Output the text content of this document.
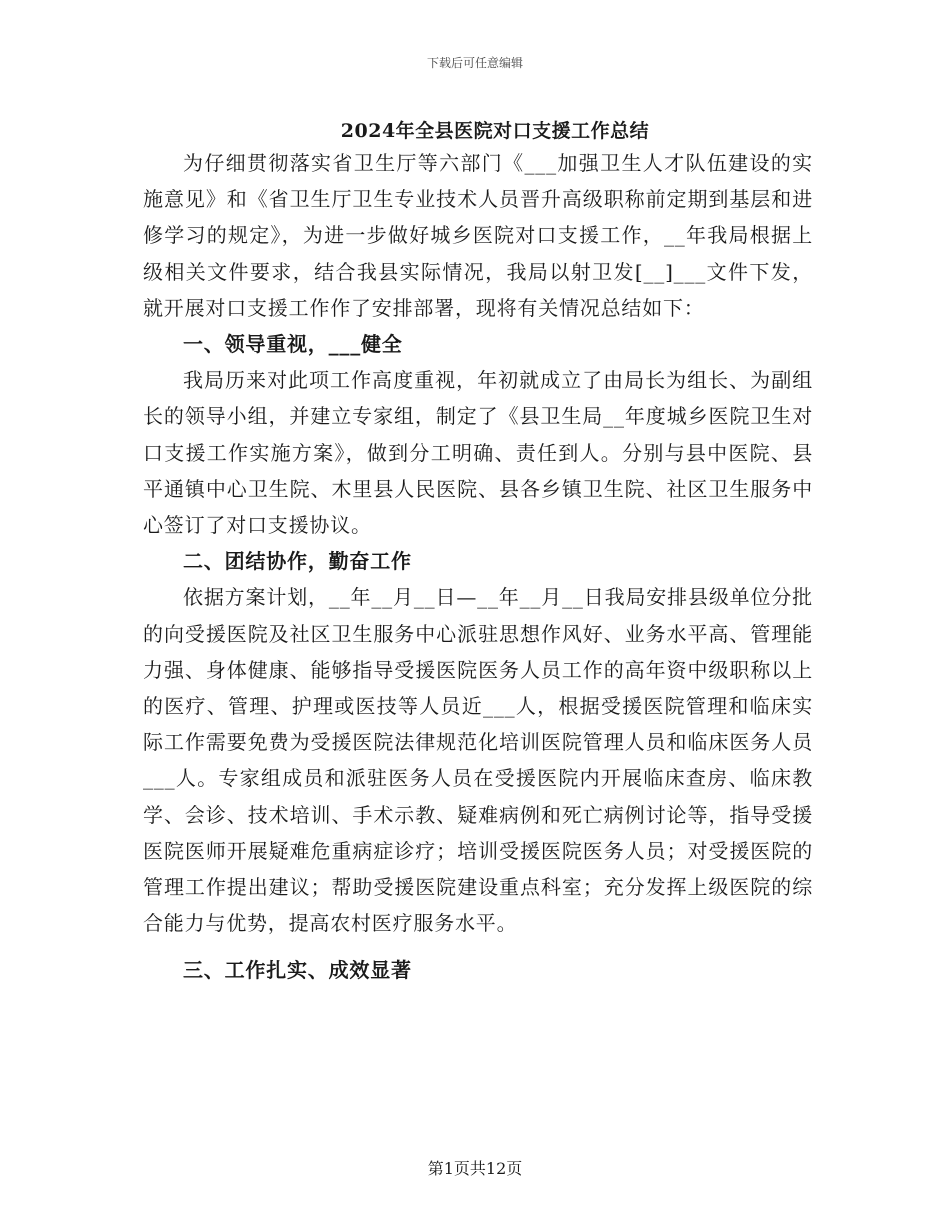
下载后可任意编辑
2024年全县医院对口支援工作总结

为仔细贯彻落实省卫生厅等六部门《___加强卫生人才队伍建设的实施意见》和《省卫生厅卫生专业技术人员晋升高级职称前定期到基层和进修学习的规定》，为进一步做好城乡医院对口支援工作，__年我局根据上级相关文件要求，结合我县实际情况，我局以射卫发[__]___文件下发，就开展对口支援工作作了安排部署，现将有关情况总结如下：

一、领导重视，___健全

我局历来对此项工作高度重视，年初就成立了由局长为组长、为副组长的领导小组，并建立专家组，制定了《县卫生局__年度城乡医院卫生对口支援工作实施方案》，做到分工明确、责任到人。分别与县中医院、县平通镇中心卫生院、木里县人民医院、县各乡镇卫生院、社区卫生服务中心签订了对口支援协议。

二、团结协作，勤奋工作

依据方案计划，__年__月__日—__年__月__日我局安排县级单位分批的向受援医院及社区卫生服务中心派驻思想作风好、业务水平高、管理能力强、身体健康、能够指导受援医院医务人员工作的高年资中级职称以上的医疗、管理、护理或医技等人员近___人，根据受援医院管理和临床实际工作需要免费为受援医院法律规范化培训医院管理人员和临床医务人员___人。专家组成员和派驻医务人员在受援医院内开展临床查房、临床教学、会诊、技术培训、手术示教、疑难病例和死亡病例讨论等，指导受援医院医师开展疑难危重病症诊疗；培训受援医院医务人员；对受援医院的管理工作提出建议；帮助受援医院建设重点科室；充分发挥上级医院的综合能力与优势，提高农村医疗服务水平。

三、工作扎实、成效显著
第1页共12页
